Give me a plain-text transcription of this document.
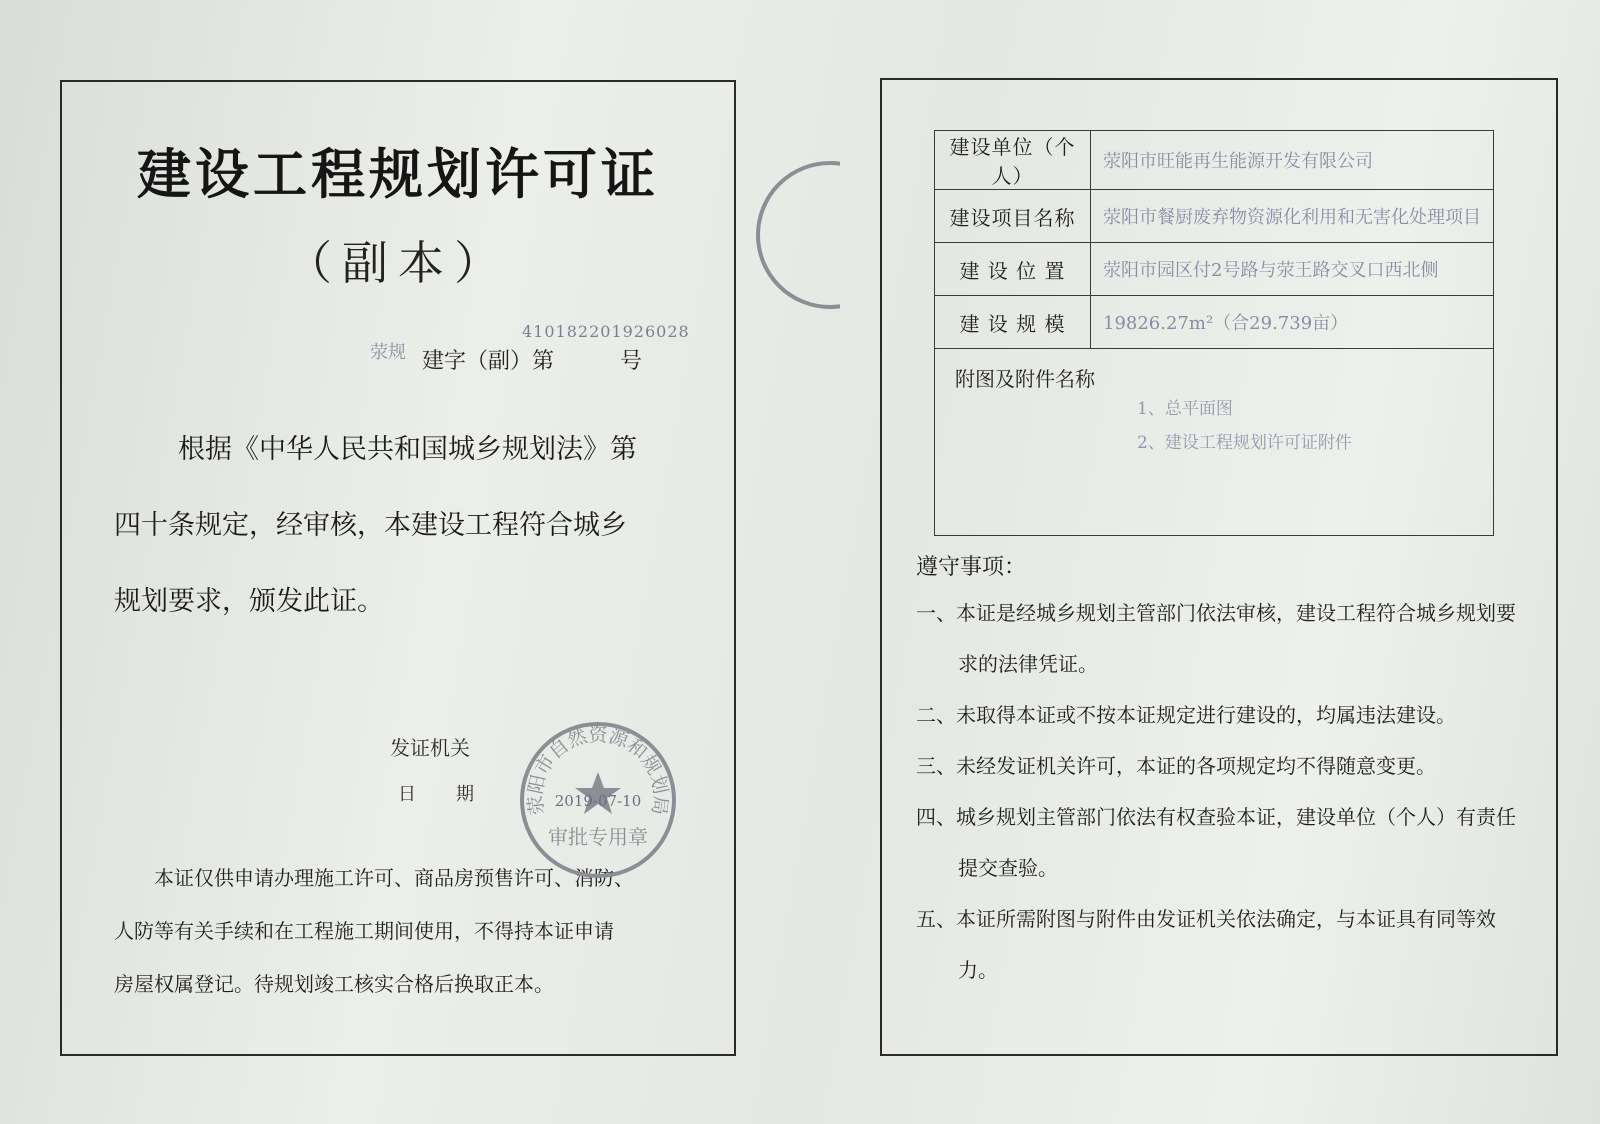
建设工程规划许可证
（副本）
410182201926028
荥规 建字（副）第　　　号
根据《中华人民共和国城乡规划法》第
四十条规定，经审核，本建设工程符合城乡
规划要求，颁发此证。
发证机关
日期
本证仅供申请办理施工许可、商品房预售许可、消防、
人防等有关手续和在工程施工期间使用，不得持本证申请
房屋权属登记。待规划竣工核实合格后换取正本。
荥阳市自然资源和规划局
2019-07-10
审批专用章
建设单位（个人）	荥阳市旺能再生能源开发有限公司
建设项目名称	荥阳市餐厨废弃物资源化利用和无害化处理项目
建 设 位 置	荥阳市园区付2号路与荥王路交叉口西北侧
建 设 规 模	19826.27m²（合29.739亩）

附图及附件名称
1、总平面图
2、建设工程规划许可证附件	
遵守事项：
一、本证是经城乡规划主管部门依法审核，建设工程符合城乡规划要求的法律凭证。
二、未取得本证或不按本证规定进行建设的，均属违法建设。
三、未经发证机关许可，本证的各项规定均不得随意变更。
四、城乡规划主管部门依法有权查验本证，建设单位（个人）有责任提交查验。
五、本证所需附图与附件由发证机关依法确定，与本证具有同等效力。
